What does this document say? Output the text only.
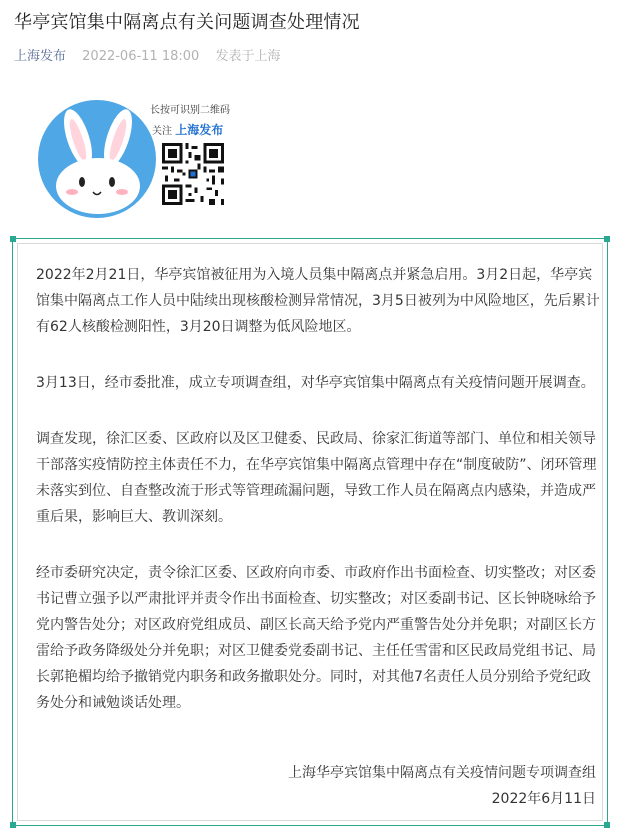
华亭宾馆集中隔离点有关问题调查处理情况
上海发布 2022-06-11 18:00 发表于上海
长按可识别二维码
关注 上海发布

2022年2月21日，华亭宾馆被征用为入境人员集中隔离点并紧急启用。3月2日起，华亭宾馆集中隔离点工作人员中陆续出现核酸检测异常情况，3月5日被列为中风险地区，先后累计有62人核酸检测阳性，3月20日调整为低风险地区。

3月13日，经市委批准，成立专项调查组，对华亭宾馆集中隔离点有关疫情问题开展调查。

调查发现，徐汇区委、区政府以及区卫健委、民政局、徐家汇街道等部门、单位和相关领导干部落实疫情防控主体责任不力，在华亭宾馆集中隔离点管理中存在“制度破防”、闭环管理未落实到位、自查整改流于形式等管理疏漏问题，导致工作人员在隔离点内感染，并造成严重后果，影响巨大、教训深刻。

经市委研究决定，责令徐汇区委、区政府向市委、市政府作出书面检查、切实整改；对区委书记曹立强予以严肃批评并责令作出书面检查、切实整改；对区委副书记、区长钟晓咏给予党内警告处分；对区政府党组成员、副区长高天给予党内严重警告处分并免职；对副区长方雷给予政务降级处分并免职；对区卫健委党委副书记、主任任雪雷和区民政局党组书记、局长郭艳楣均给予撤销党内职务和政务撤职处分。同时，对其他7名责任人员分别给予党纪政务处分和诫勉谈话处理。

上海华亭宾馆集中隔离点有关疫情问题专项调查组
2022年6月11日
